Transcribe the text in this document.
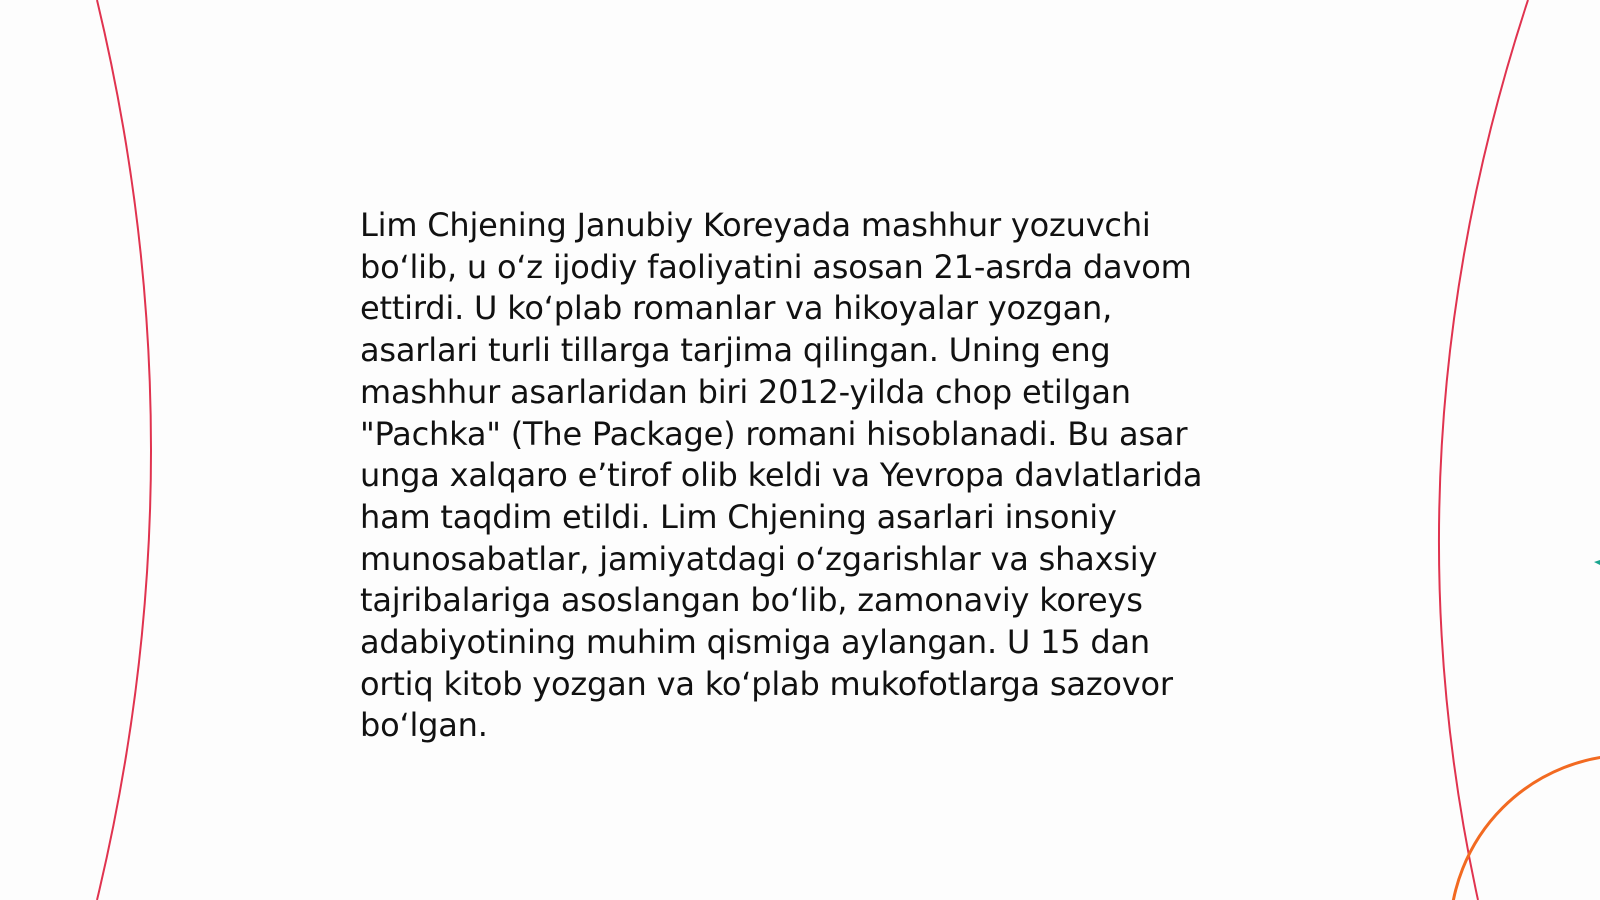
Lim Chjening Janubiy Koreyada mashhur yozuvchi bo‘lib, u o‘z ijodiy faoliyatini asosan 21-asrda davom ettirdi. U ko‘plab romanlar va hikoyalar yozgan, asarlari turli tillarga tarjima qilingan. Uning eng mashhur asarlaridan biri 2012-yilda chop etilgan "Pachka" (The Package) romani hisoblanadi. Bu asar unga xalqaro e’tirof olib keldi va Yevropa davlatlarida ham taqdim etildi. Lim Chjening asarlari insoniy munosabatlar, jamiyatdagi o‘zgarishlar va shaxsiy tajribalariga asoslangan bo‘lib, zamonaviy koreys adabiyotining muhim qismiga aylangan. U 15 dan ortiq kitob yozgan va ko‘plab mukofotlarga sazovor bo‘lgan.
